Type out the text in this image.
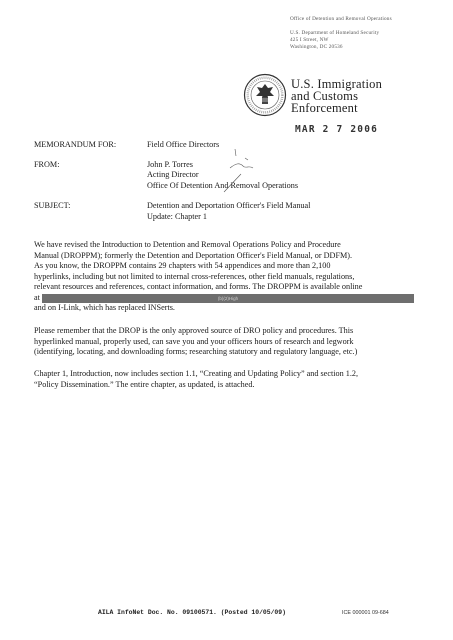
Office of Detention and Removal Operations
U.S. Department of Homeland Security
425 I Street, NW
Washington, DC 20536
U.S. Immigration
and Customs
Enforcement
MAR 2 7 2006
MEMORANDUM FOR:	Field Office Directors
FROM:	John P. Torres
Acting Director
Office Of Detention And Removal Operations
SUBJECT:	Detention and Deportation Officer's Field Manual
Update: Chapter 1
We have revised the Introduction to Detention and Removal Operations Policy and Procedure
Manual (DROPPM); formerly the Detention and Deportation Officer's Field Manual, or DDFM).
As you know, the DROPPM contains 29 chapters with 54 appendices and more than 2,100
hyperlinks, including but not limited to internal cross-references, other field manuals, regulations,
relevant resources and references, contact information, and forms. The DROPPM is available online
at	(b)(2)High
and on I-Link, which has replaced INSerts.
Please remember that the DROP is the only approved source of DRO policy and procedures. This
hyperlinked manual, properly used, can save you and your officers hours of research and legwork
(identifying, locating, and downloading forms; researching statutory and regulatory language, etc.)
Chapter 1, Introduction, now includes section 1.1, “Creating and Updating Policy” and section 1.2,
“Policy Dissemination.” The entire chapter, as updated, is attached.
AILA InfoNet Doc. No. 09100571. (Posted 10/05/09)	ICE 000001 09-684
